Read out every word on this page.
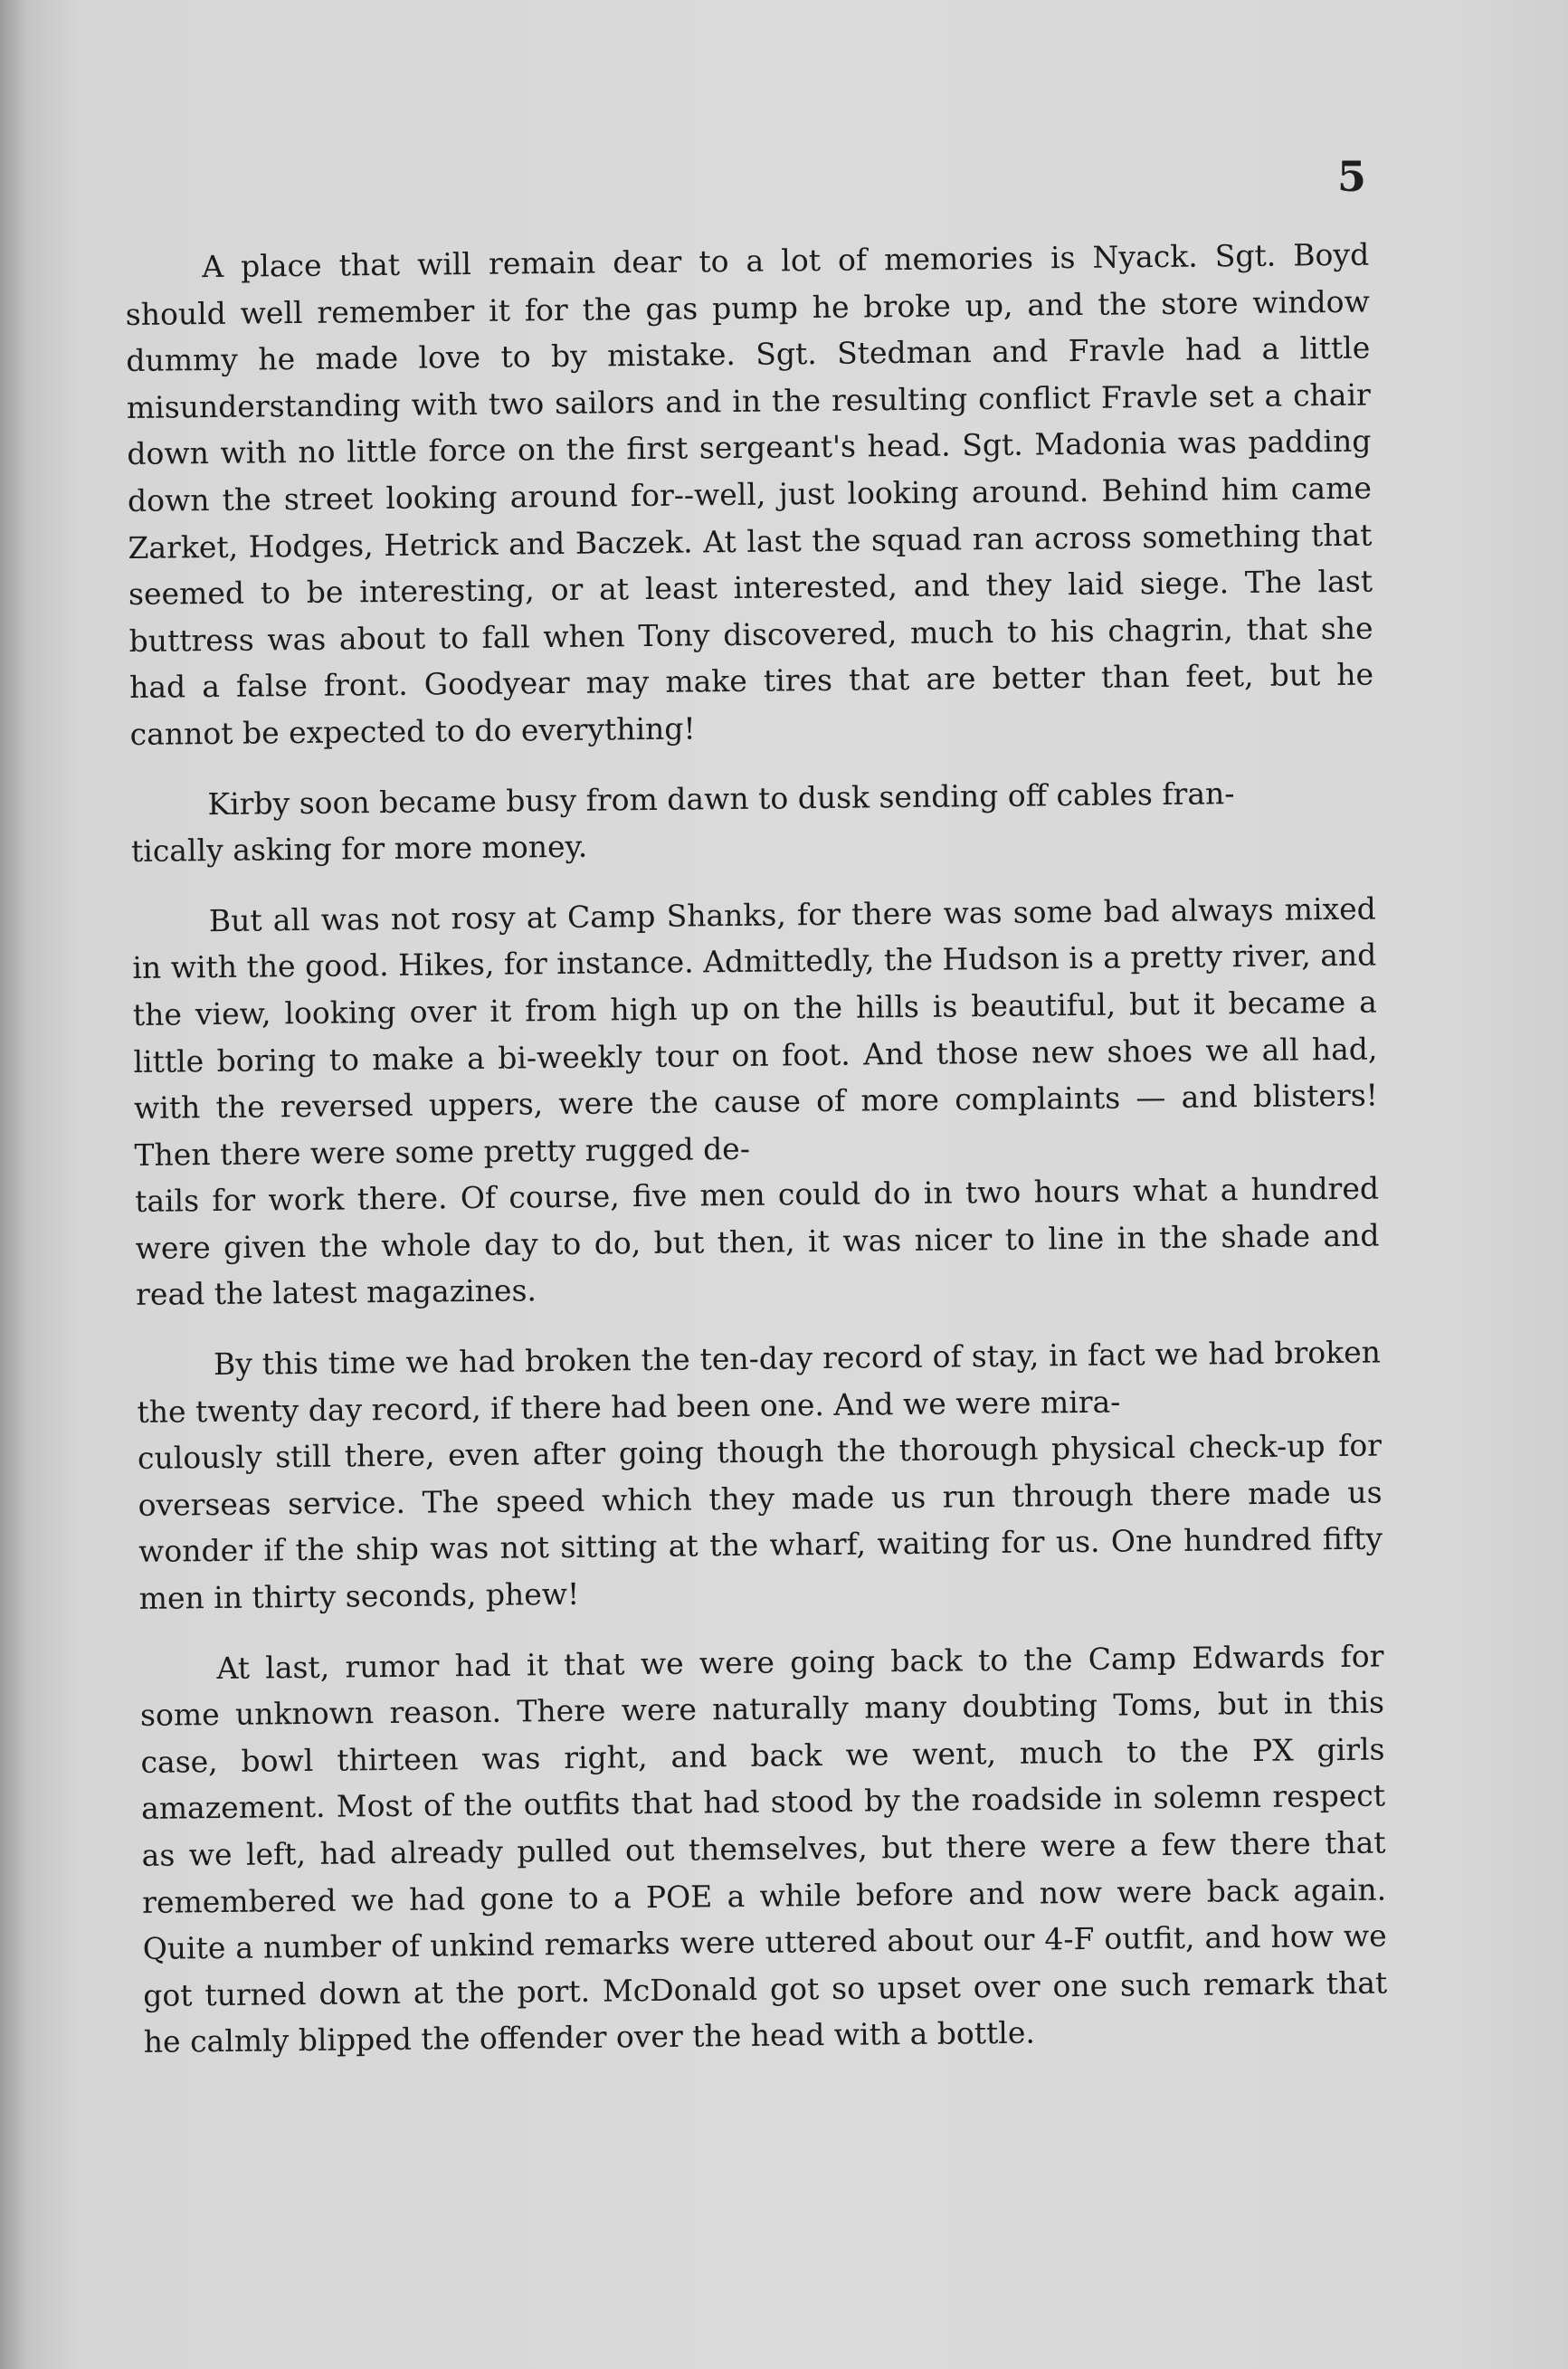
5

A place that will remain dear to a lot of memories is Nyack. Sgt. Boyd should well remember it for the gas pump he broke up, and the store window dummy he made love to by mistake. Sgt. Stedman and Fravle had a little misunderstanding with two sailors and in the resulting conflict Fravle set a chair down with no little force on the first sergeant's head. Sgt. Madonia was padding down the street looking around for--well, just looking around. Behind him came Zarket, Hodges, Hetrick and Baczek. At last the squad ran across something that seemed to be interesting, or at least interested, and they laid siege. The last buttress was about to fall when Tony discovered, much to his chagrin, that she had a false front. Goodyear may make tires that are better than feet, but he cannot be expected to do everything!

Kirby soon became busy from dawn to dusk sending off cables fran-
tically asking for more money.

But all was not rosy at Camp Shanks, for there was some bad always mixed in with the good. Hikes, for instance. Admittedly, the Hudson is a pretty river, and the view, looking over it from high up on the hills is beautiful, but it became a little boring to make a bi-weekly tour on foot. And those new shoes we all had, with the reversed uppers, were the cause of more complaints — and blisters! Then there were some pretty rugged de-
tails for work there. Of course, five men could do in two hours what a hundred were given the whole day to do, but then, it was nicer to line in the shade and read the latest magazines.

By this time we had broken the ten-day record of stay, in fact we had broken the twenty day record, if there had been one. And we were mira-
culously still there, even after going though the thorough physical check-up for overseas service. The speed which they made us run through there made us wonder if the ship was not sitting at the wharf, waiting for us. One hundred fifty men in thirty seconds, phew!

At last, rumor had it that we were going back to the Camp Edwards for some unknown reason. There were naturally many doubting Toms, but in this case, bowl thirteen was right, and back we went, much to the PX girls amazement. Most of the outfits that had stood by the roadside in solemn respect as we left, had already pulled out themselves, but there were a few there that remembered we had gone to a POE a while before and now were back again. Quite a number of unkind remarks were uttered about our 4-F outfit, and how we got turned down at the port. McDonald got so upset over one such remark that he calmly blipped the offender over the head with a bottle.
